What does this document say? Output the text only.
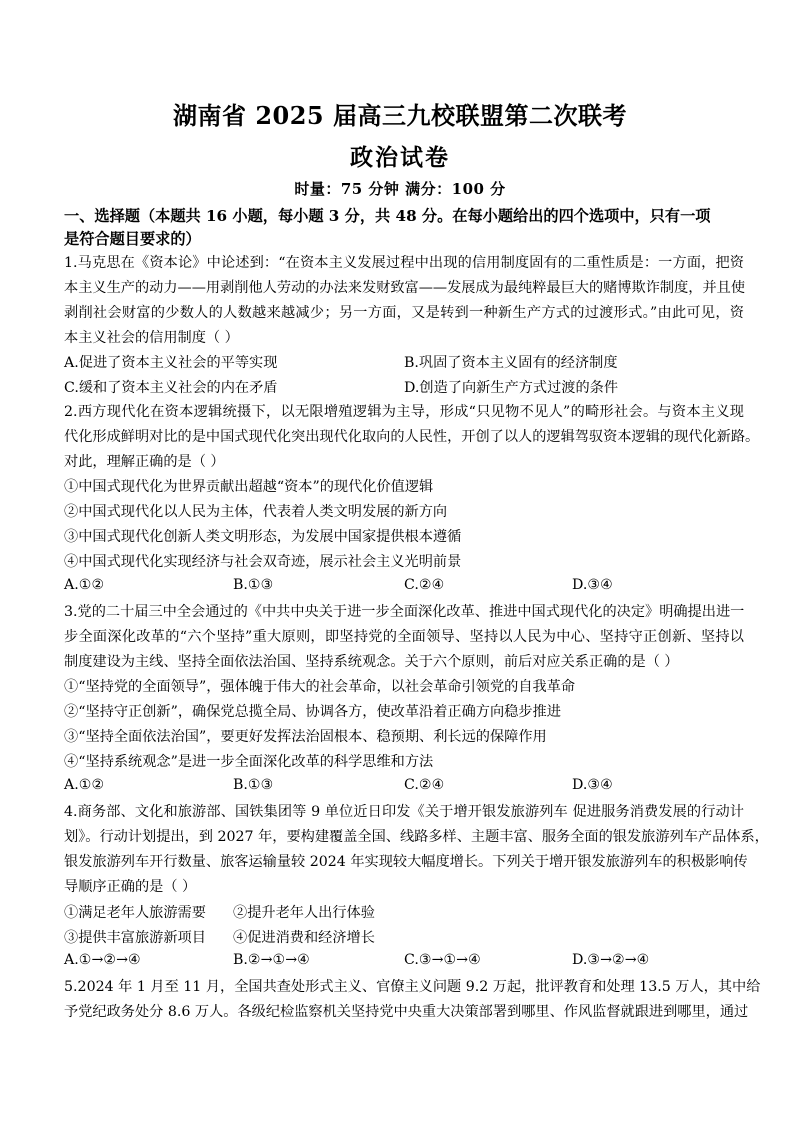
湖南省 2025 届高三九校联盟第二次联考
政治试卷
时量：75 分钟 满分：100 分
一、选择题（本题共 16 小题，每小题 3 分，共 48 分。在每小题给出的四个选项中，只有一项
是符合题目要求的）
1.马克思在《资本论》中论述到：“在资本主义发展过程中出现的信用制度固有的二重性质是：一方面，把资
本主义生产的动力——用剥削他人劳动的办法来发财致富——发展成为最纯粹最巨大的赌博欺诈制度，并且使
剥削社会财富的少数人的人数越来越减少；另一方面，又是转到一种新生产方式的过渡形式。”由此可见，资
本主义社会的信用制度（ ）
A.促进了资本主义社会的平等实现	B.巩固了资本主义固有的经济制度
C.缓和了资本主义社会的内在矛盾	D.创造了向新生产方式过渡的条件
2.西方现代化在资本逻辑统摄下，以无限增殖逻辑为主导，形成“只见物不见人”的畸形社会。与资本主义现
代化形成鲜明对比的是中国式现代化突出现代化取向的人民性，开创了以人的逻辑驾驭资本逻辑的现代化新路。
对此，理解正确的是（ ）
①中国式现代化为世界贡献出超越“资本”的现代化价值逻辑
②中国式现代化以人民为主体，代表着人类文明发展的新方向
③中国式现代化创新人类文明形态，为发展中国家提供根本遵循
④中国式现代化实现经济与社会双奇迹，展示社会主义光明前景
A.①②	B.①③	C.②④	D.③④
3.党的二十届三中全会通过的《中共中央关于进一步全面深化改革、推进中国式现代化的决定》明确提出进一
步全面深化改革的“六个坚持”重大原则，即坚持党的全面领导、坚持以人民为中心、坚持守正创新、坚持以
制度建设为主线、坚持全面依法治国、坚持系统观念。关于六个原则，前后对应关系正确的是（ ）
①“坚持党的全面领导”，强体魄于伟大的社会革命，以社会革命引领党的自我革命
②“坚持守正创新”，确保党总揽全局、协调各方，使改革沿着正确方向稳步推进
③“坚持全面依法治国”，要更好发挥法治固根本、稳预期、利长远的保障作用
④“坚持系统观念”是进一步全面深化改革的科学思维和方法
A.①②	B.①③	C.②④	D.③④
4.商务部、文化和旅游部、国铁集团等 9 单位近日印发《关于增开银发旅游列车 促进服务消费发展的行动计
划》。行动计划提出，到 2027 年，要构建覆盖全国、线路多样、主题丰富、服务全面的银发旅游列车产品体系，
银发旅游列车开行数量、旅客运输量较 2024 年实现较大幅度增长。下列关于增开银发旅游列车的积极影响传
导顺序正确的是（ ）
①满足老年人旅游需要 ②提升老年人出行体验
③提供丰富旅游新项目 ④促进消费和经济增长
A.①→②→④	B.②→①→④	C.③→①→④	D.③→②→④
5.2024 年 1 月至 11 月，全国共查处形式主义、官僚主义问题 9.2 万起，批评教育和处理 13.5 万人，其中给
予党纪政务处分 8.6 万人。各级纪检监察机关坚持党中央重大决策部署到哪里、作风监督就跟进到哪里，通过
